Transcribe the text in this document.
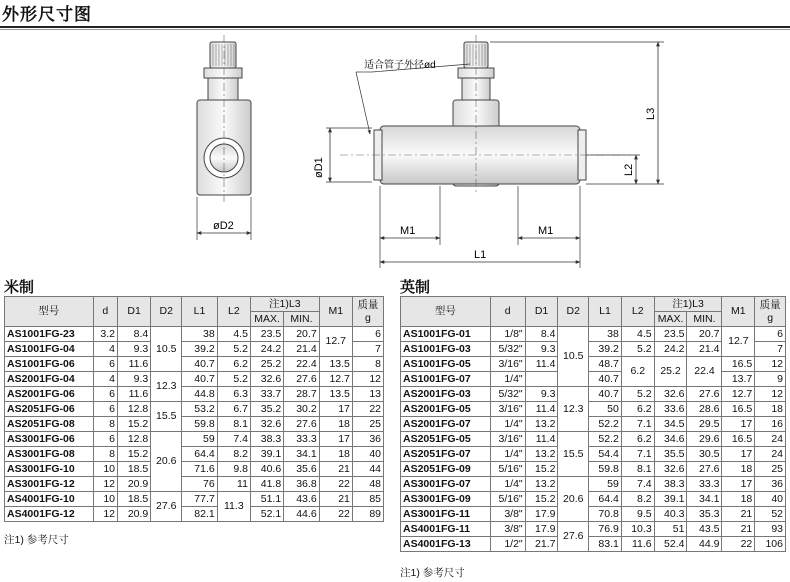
外形尺寸图
øD2
适合管子外径ød
øD1
M1	M1
L1
L2
L3
米制
型号	d	D1	D2	L1	L2	注1)L3		M1	质量
g
						MAX.	MIN.		
AS1001FG-23	3.2	8.4	10.5	38	4.5	23.5	20.7	12.7	6
AS1001FG-04	4	9.3		39.2	5.2	24.2	21.4		7
AS1001FG-06	6	11.6		40.7	6.2	25.2	22.4	13.5	8
AS2001FG-04	4	9.3	12.3	40.7	5.2	32.6	27.6	12.7	12
AS2001FG-06	6	11.6		44.8	6.3	33.7	28.7	13.5	13
AS2051FG-06	6	12.8	15.5	53.2	6.7	35.2	30.2	17	22
AS2051FG-08	8	15.2		59.8	8.1	32.6	27.6	18	25
AS3001FG-06	6	12.8	20.6	59	7.4	38.3	33.3	17	36
AS3001FG-08	8	15.2		64.4	8.2	39.1	34.1	18	40
AS3001FG-10	10	18.5		71.6	9.8	40.6	35.6	21	44
AS3001FG-12	12	20.9		76	11	41.8	36.8	22	48
AS4001FG-10	10	18.5	27.6	77.7	11.3	51.1	43.6	21	85
AS4001FG-12	12	20.9		82.1		52.1	44.6	22	89
注1) 参考尺寸
英制
型号	d	D1	D2	L1	L2	注1)L3		M1	质量
g
						MAX.	MIN.		
AS1001FG-01	1/8"	8.4	10.5	38	4.5	23.5	20.7	12.7	6
AS1001FG-03	5/32"	9.3		39.2	5.2	24.2	21.4		7
AS1001FG-05	3/16"	11.4		48.7	6.2	25.2	22.4	16.5	12
AS1001FG-07	1/4"			40.7				13.7	9
AS2001FG-03	5/32"	9.3	12.3	40.7	5.2	32.6	27.6	12.7	12
AS2001FG-05	3/16"	11.4		50	6.2	33.6	28.6	16.5	18
AS2001FG-07	1/4"	13.2		52.2	7.1	34.5	29.5	17	16
AS2051FG-05	3/16"	11.4	15.5	52.2	6.2	34.6	29.6	16.5	24
AS2051FG-07	1/4"	13.2		54.4	7.1	35.5	30.5	17	24
AS2051FG-09	5/16"	15.2		59.8	8.1	32.6	27.6	18	25
AS3001FG-07	1/4"	13.2	20.6	59	7.4	38.3	33.3	17	36
AS3001FG-09	5/16"	15.2		64.4	8.2	39.1	34.1	18	40
AS3001FG-11	3/8"	17.9		70.8	9.5	40.3	35.3	21	52
AS4001FG-11	3/8"	17.9	27.6	76.9	10.3	51	43.5	21	93
AS4001FG-13	1/2"	21.7		83.1	11.6	52.4	44.9	22	106
注1) 参考尺寸
